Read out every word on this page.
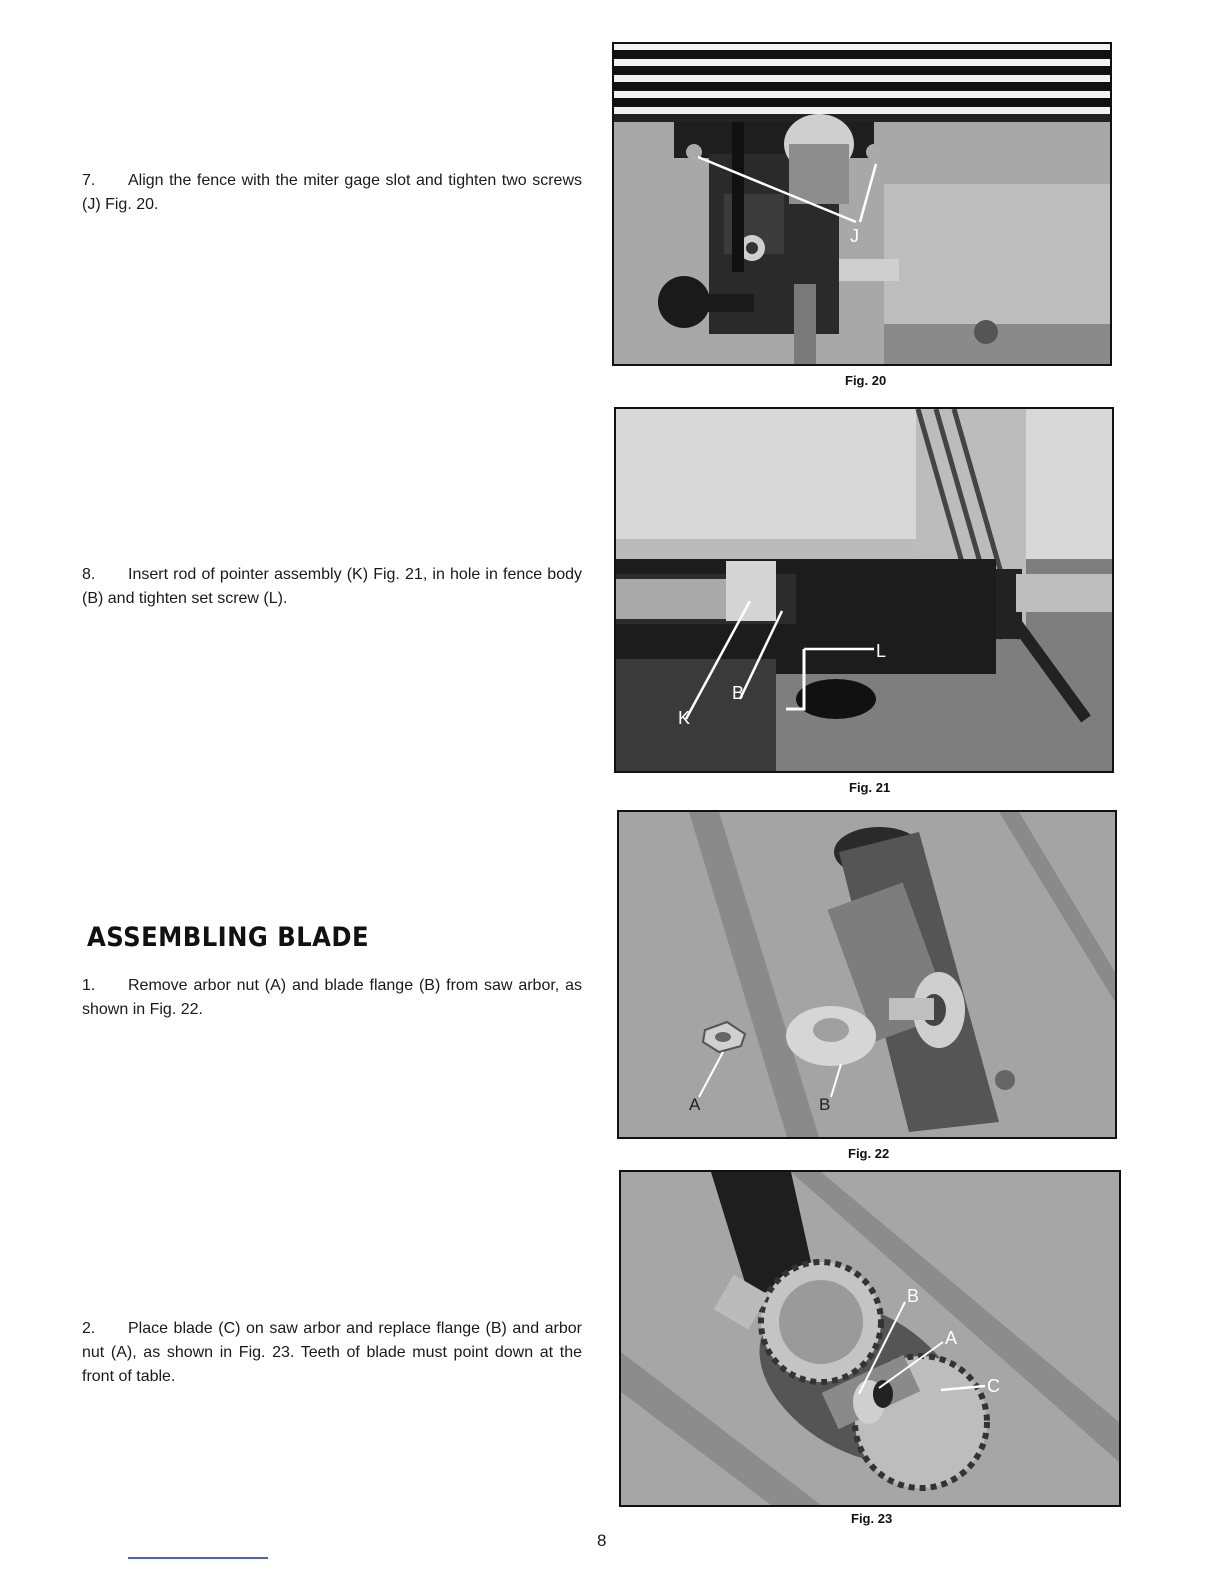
7. Align the fence with the miter gage slot and tighten two screws (J) Fig. 20.

8. Insert rod of pointer assembly (K) Fig. 21, in hole in fence body (B) and tighten set screw (L).

ASSEMBLING BLADE

1. Remove arbor nut (A) and blade flange (B) from saw arbor, as shown in Fig. 22.

2. Place blade (C) on saw arbor and replace flange (B) and arbor nut (A), as shown in Fig. 23. Teeth of blade must point down at the front of table.

J
Fig. 20
K
B
L
Fig. 21
A	B
Fig. 22
B
A
C
Fig. 23
8
